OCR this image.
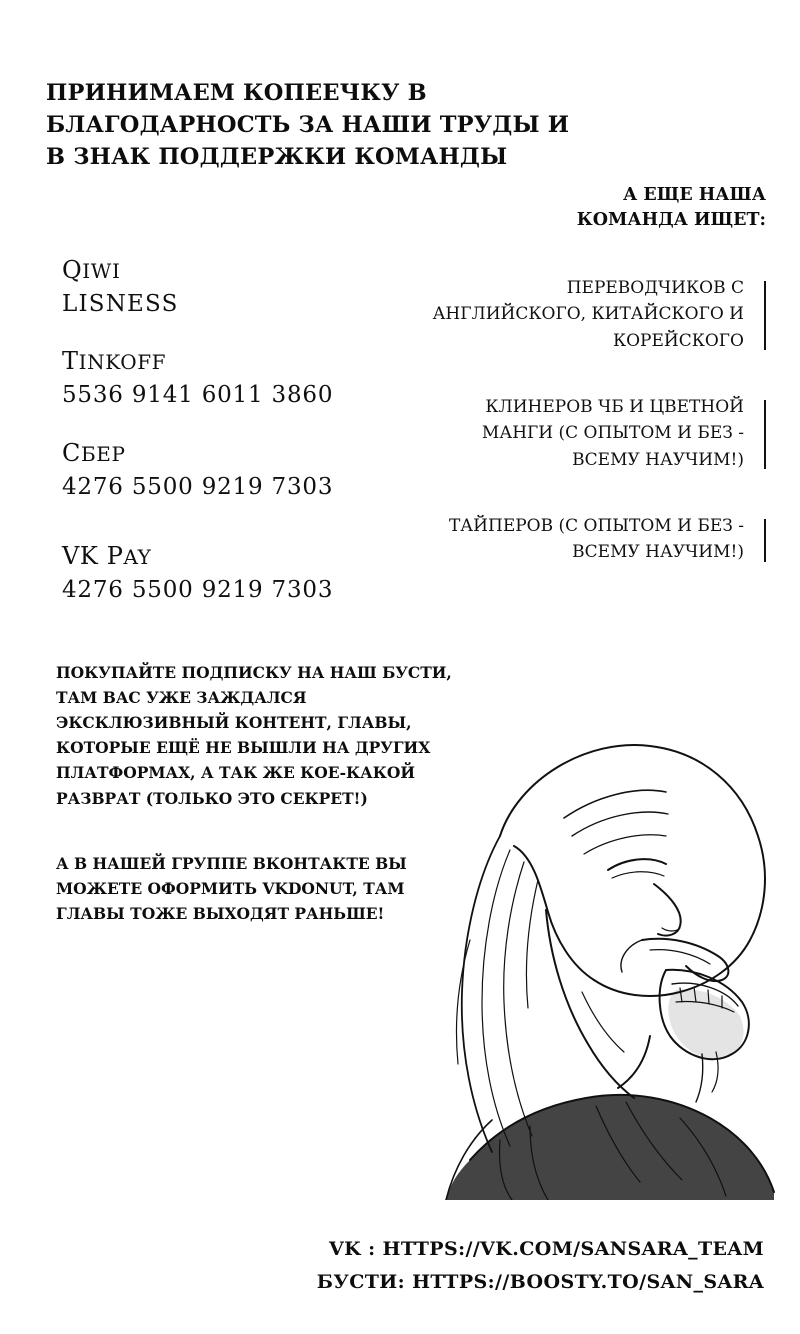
ПРИНИМАЕМ КОПЕЕЧКУ В
БЛАГОДАРНОСТЬ ЗА НАШИ ТРУДЫ И
В ЗНАК ПОДДЕРЖКИ КОМАНДЫ
А ЕЩЕ НАША
КОМАНДА ИЩЕТ:
ПЕРЕВОДЧИКОВ С АНГЛИЙСКОГО, КИТАЙСКОГО И КОРЕЙСКОГО
КЛИНЕРОВ ЧБ И ЦВЕТНОЙ МАНГИ (С ОПЫТОМ И БЕЗ - ВСЕМУ НАУЧИМ!)
ТАЙПЕРОВ (С ОПЫТОМ И БЕЗ - ВСЕМУ НАУЧИМ!)
QIWI
LISNESS
TINKOFF
5536 9141 6011 3860
СБЕР
4276 5500 9219 7303
VK PAY
4276 5500 9219 7303

ПОКУПАЙТЕ ПОДПИСКУ НА НАШ БУСТИ, ТАМ ВАС УЖЕ ЗАЖДАЛСЯ ЭКСКЛЮЗИВНЫЙ КОНТЕНТ, ГЛАВЫ, КОТОРЫЕ ЕЩЁ НЕ ВЫШЛИ НА ДРУГИХ ПЛАТФОРМАХ, А ТАК ЖЕ КОЕ-КАКОЙ РАЗВРАТ (ТОЛЬКО ЭТО СЕКРЕТ!)

А В НАШЕЙ ГРУППЕ ВКОНТАКТЕ ВЫ МОЖЕТЕ ОФОРМИТЬ VKDONUT, ТАМ ГЛАВЫ ТОЖЕ ВЫХОДЯТ РАНЬШЕ!

VK : HTTPS://VK.COM/SANSARA_TEAM
БУСТИ: HTTPS://BOOSTY.TO/SAN_SARA
